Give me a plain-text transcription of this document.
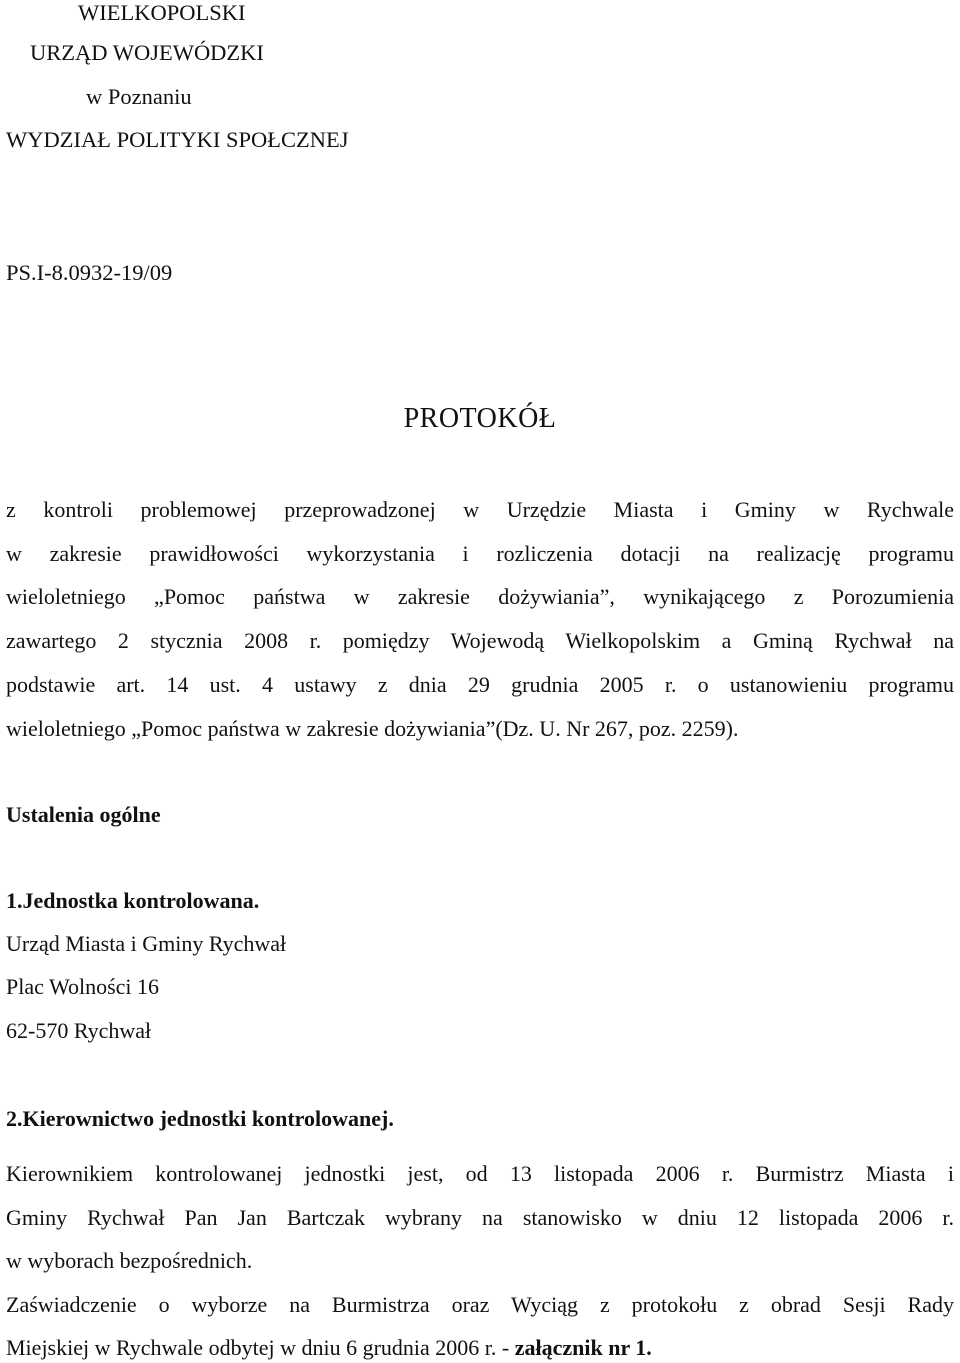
WIELKOPOLSKI
URZĄD WOJEWÓDZKI
w Poznaniu
WYDZIAŁ POLITYKI SPOŁCZNEJ
PS.I-8.0932-19/09
PROTOKÓŁ
z kontroli problemowej przeprowadzonej w Urzędzie Miasta i Gminy w Rychwale
w zakresie prawidłowości wykorzystania i rozliczenia dotacji na realizację programu
wieloletniego „Pomoc państwa w zakresie dożywiania”, wynikającego z Porozumienia
zawartego 2 stycznia 2008 r. pomiędzy Wojewodą Wielkopolskim a Gminą Rychwał na
podstawie art. 14 ust. 4 ustawy z dnia 29 grudnia 2005 r. o ustanowieniu programu
wieloletniego „Pomoc państwa w zakresie dożywiania”(Dz. U. Nr 267, poz. 2259).
Ustalenia ogólne
1.Jednostka kontrolowana.
Urząd Miasta i Gminy Rychwał
Plac Wolności 16
62-570 Rychwał
2.Kierownictwo jednostki kontrolowanej.
Kierownikiem kontrolowanej jednostki jest, od 13 listopada 2006 r. Burmistrz Miasta i
Gminy Rychwał Pan Jan Bartczak wybrany na stanowisko w dniu 12 listopada 2006 r.
w wyborach bezpośrednich.
Zaświadczenie o wyborze na Burmistrza oraz Wyciąg z protokołu z obrad Sesji Rady
Miejskiej w Rychwale odbytej w dniu 6 grudnia 2006 r. - załącznik nr 1.
